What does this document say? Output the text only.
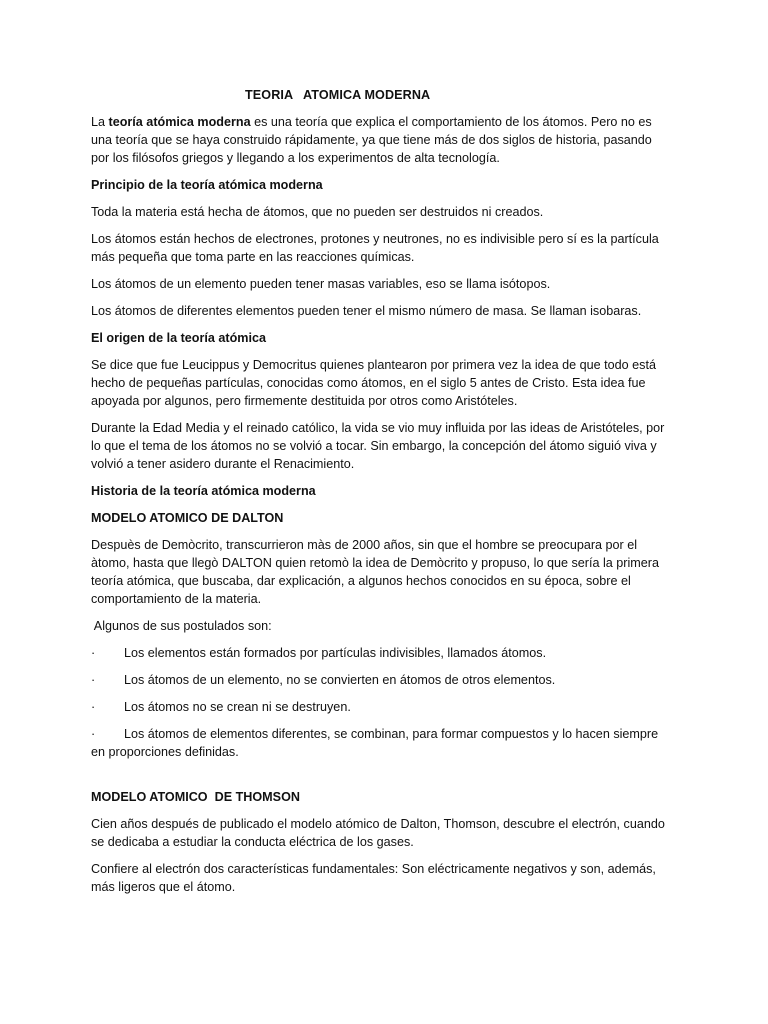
TEORIA   ATOMICA MODERNA

La teoría atómica moderna es una teoría que explica el comportamiento de los átomos. Pero no es una teoría que se haya construido rápidamente, ya que tiene más de dos siglos de historia, pasando por los filósofos griegos y llegando a los experimentos de alta tecnología.

Principio de la teoría atómica moderna

Toda la materia está hecha de átomos, que no pueden ser destruidos ni creados.

Los átomos están hechos de electrones, protones y neutrones, no es indivisible pero sí es la partícula más pequeña que toma parte en las reacciones químicas.

Los átomos de un elemento pueden tener masas variables, eso se llama isótopos.

Los átomos de diferentes elementos pueden tener el mismo número de masa. Se llaman isobaras.

El origen de la teoría atómica

Se dice que fue Leucippus y Democritus quienes plantearon por primera vez la idea de que todo está hecho de pequeñas partículas, conocidas como átomos, en el siglo 5 antes de Cristo. Esta idea fue apoyada por algunos, pero firmemente destituida por otros como Aristóteles.

Durante la Edad Media y el reinado católico, la vida se vio muy influida por las ideas de Aristóteles, por lo que el tema de los átomos no se volvió a tocar. Sin embargo, la concepción del átomo siguió viva y volvió a tener asidero durante el Renacimiento.

Historia de la teoría atómica moderna

MODELO ATOMICO DE DALTON

Despuès de Demòcrito, transcurrieron màs de 2000 años, sin que el hombre se preocupara por el àtomo, hasta que llegò DALTON quien retomò la idea de Demòcrito y propuso, lo que sería la primera teoría atómica, que buscaba, dar explicación, a algunos hechos conocidos en su época, sobre el comportamiento de la materia.

Algunos de sus postulados son:

·	Los elementos están formados por partículas indivisibles, llamados átomos.
·	Los átomos de un elemento, no se convierten en átomos de otros elementos.
·	Los átomos no se crean ni se destruyen.
· Los átomos de elementos diferentes, se combinan, para formar compuestos y lo hacen siempre en proporciones definidas.

MODELO ATOMICO  DE THOMSON

Cien años después de publicado el modelo atómico de Dalton, Thomson, descubre el electrón, cuando se dedicaba a estudiar la conducta eléctrica de los gases.

Confiere al electrón dos características fundamentales: Son eléctricamente negativos y son, además, más ligeros que el átomo.
